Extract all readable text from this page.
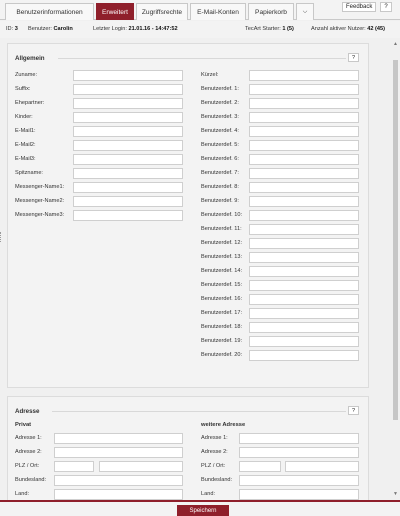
Benutzerinformationen	Erweitert	Zugriffsrechte	E-Mail-Konten	Papierkorb	⌵
Feedback	?
ID: 3 Benutzer: Carolin	Letzter Login: 21.01.16 - 14:47:52	TecArt Starter: 1 (5)	Anzahl aktiver Nutzer: 42 (45)
Allgemein	?
Zuname:
Suffix:
Ehepartner:
Kinder:
E-Mail1:
E-Mail2:
E-Mail3:
Spitzname:
Messenger-Name1:
Messenger-Name2:
Messenger-Name3:
Kürzel:
Benutzerdef. 1:
Benutzerdef. 2:
Benutzerdef. 3:
Benutzerdef. 4:
Benutzerdef. 5:
Benutzerdef. 6:
Benutzerdef. 7:
Benutzerdef. 8:
Benutzerdef. 9:
Benutzerdef. 10:
Benutzerdef. 11:
Benutzerdef. 12:
Benutzerdef. 13:
Benutzerdef. 14:
Benutzerdef. 15:
Benutzerdef. 16:
Benutzerdef. 17:
Benutzerdef. 18:
Benutzerdef. 19:
Benutzerdef. 20:
Adresse	?
Privat	weitere Adresse
Adresse 1:
Adresse 2:
PLZ / Ort:
Bundesland:
Land:
Adresse 1:
Adresse 2:
PLZ / Ort:
Bundesland:
Land:
▲
▼
Speichern
